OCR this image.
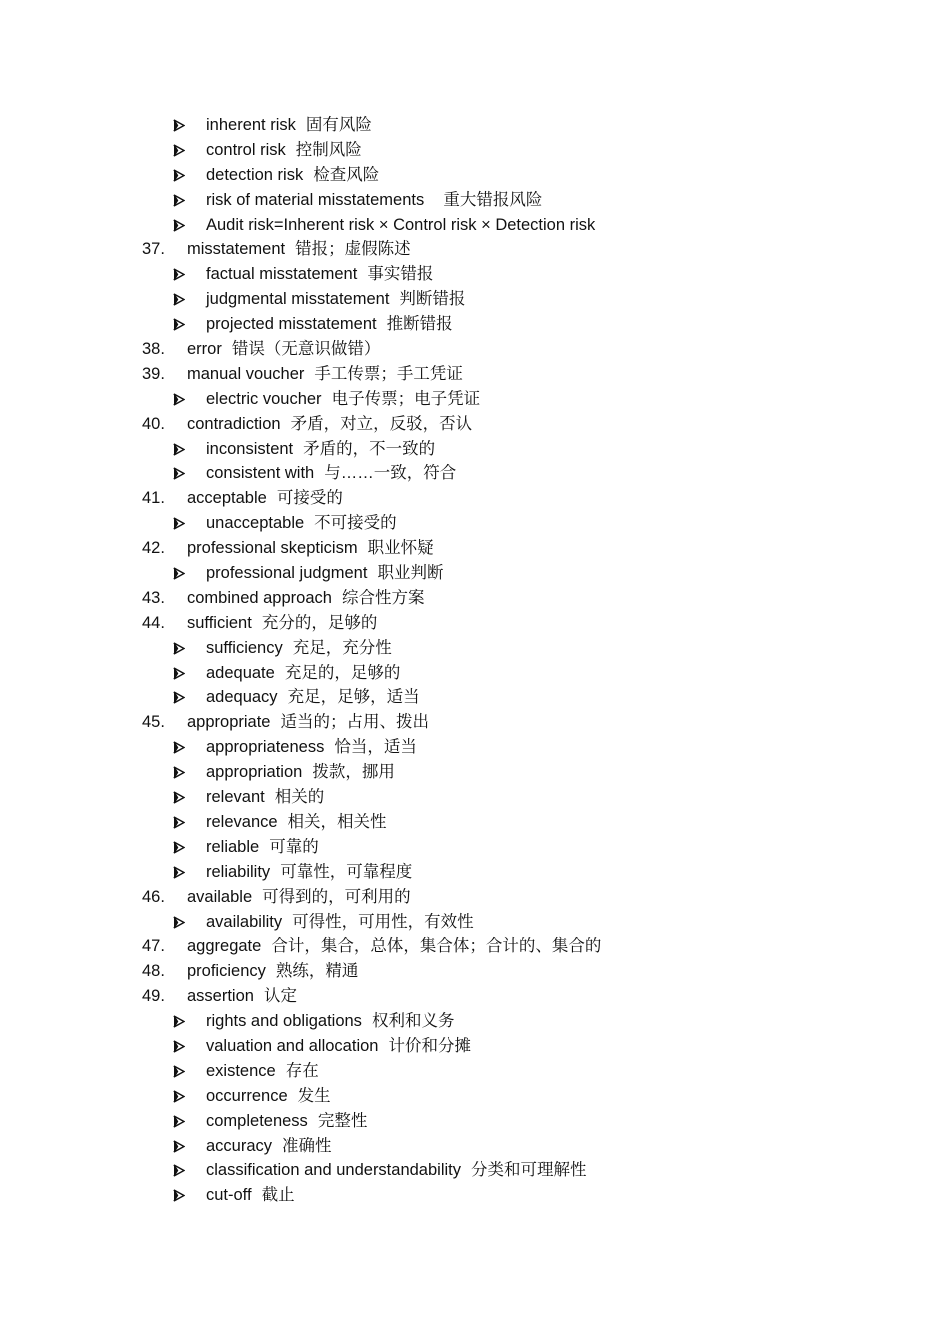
inherent risk 固有风险
control risk 控制风险
detection risk 检查风险
risk of material misstatements  重大错报风险
Audit risk=Inherent risk × Control risk × Detection risk
37.	misstatement 错报；虚假陈述
factual misstatement 事实错报
judgmental misstatement 判断错报
projected misstatement 推断错报
38.	error 错误（无意识做错）
39.	manual voucher 手工传票；手工凭证
electric voucher 电子传票；电子凭证
40.	contradiction 矛盾，对立，反驳，否认
inconsistent 矛盾的，不一致的
consistent with 与……一致，符合
41.	acceptable 可接受的
unacceptable 不可接受的
42.	professional skepticism 职业怀疑
professional judgment 职业判断
43.	combined approach 综合性方案
44.	sufficient 充分的，足够的
sufficiency 充足，充分性
adequate 充足的，足够的
adequacy 充足，足够，适当
45.	appropriate 适当的；占用、拨出
appropriateness 恰当，适当
appropriation 拨款，挪用
relevant 相关的
relevance 相关，相关性
reliable 可靠的
reliability 可靠性，可靠程度
46.	available 可得到的，可利用的
availability 可得性，可用性，有效性
47.	aggregate 合计，集合，总体，集合体；合计的、集合的
48.	proficiency 熟练，精通
49.	assertion 认定
rights and obligations 权利和义务
valuation and allocation 计价和分摊
existence 存在
occurrence 发生
completeness 完整性
accuracy 准确性
classification and understandability 分类和可理解性
cut-off 截止
